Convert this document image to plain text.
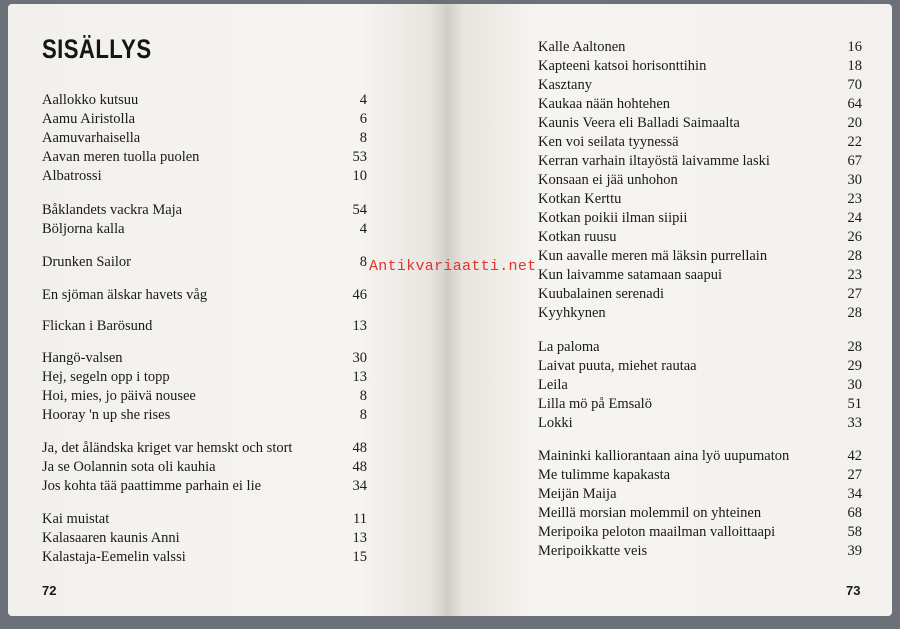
SISÄLLYS
Aallokko kutsuu	4
Aamu Airistolla	6
Aamuvarhaisella	8
Aavan meren tuolla puolen	53
Albatrossi	10
Båklandets vackra Maja	54
Böljorna kalla	4
Drunken Sailor	8
En sjöman älskar havets våg	46
Flickan i Barösund	13
Hangö-valsen	30
Hej, segeln opp i topp	13
Hoi, mies, jo päivä nousee	8
Hooray 'n up she rises	8
Ja, det åländska kriget var hemskt och stort	48
Ja se Oolannin sota oli kauhia	48
Jos kohta tää paattimme parhain ei lie	34
Kai muistat	11
Kalasaaren kaunis Anni	13
Kalastaja-Eemelin valssi	15
Kalle Aaltonen	16
Kapteeni katsoi horisonttihin	18
Kasztany	70
Kaukaa nään hohtehen	64
Kaunis Veera eli Balladi Saimaalta	20
Ken voi seilata tyynessä	22
Kerran varhain iltayöstä laivamme laski	67
Konsaan ei jää unhohon	30
Kotkan Kerttu	23
Kotkan poikii ilman siipii	24
Kotkan ruusu	26
Kun aavalle meren mä läksin purrellain	28
Kun laivamme satamaan saapui	23
Kuubalainen serenadi	27
Kyyhkynen	28
La paloma	28
Laivat puuta, miehet rautaa	29
Leila	30
Lilla mö på Emsalö	51
Lokki	33
Maininki kalliorantaan aina lyö uupumaton	42
Me tulimme kapakasta	27
Meijän Maija	34
Meillä morsian molemmil on yhteinen	68
Meripoika peloton maailman valloittaapi	58
Meripoikkatte veis	39
72	73
Antikvariaatti.net
